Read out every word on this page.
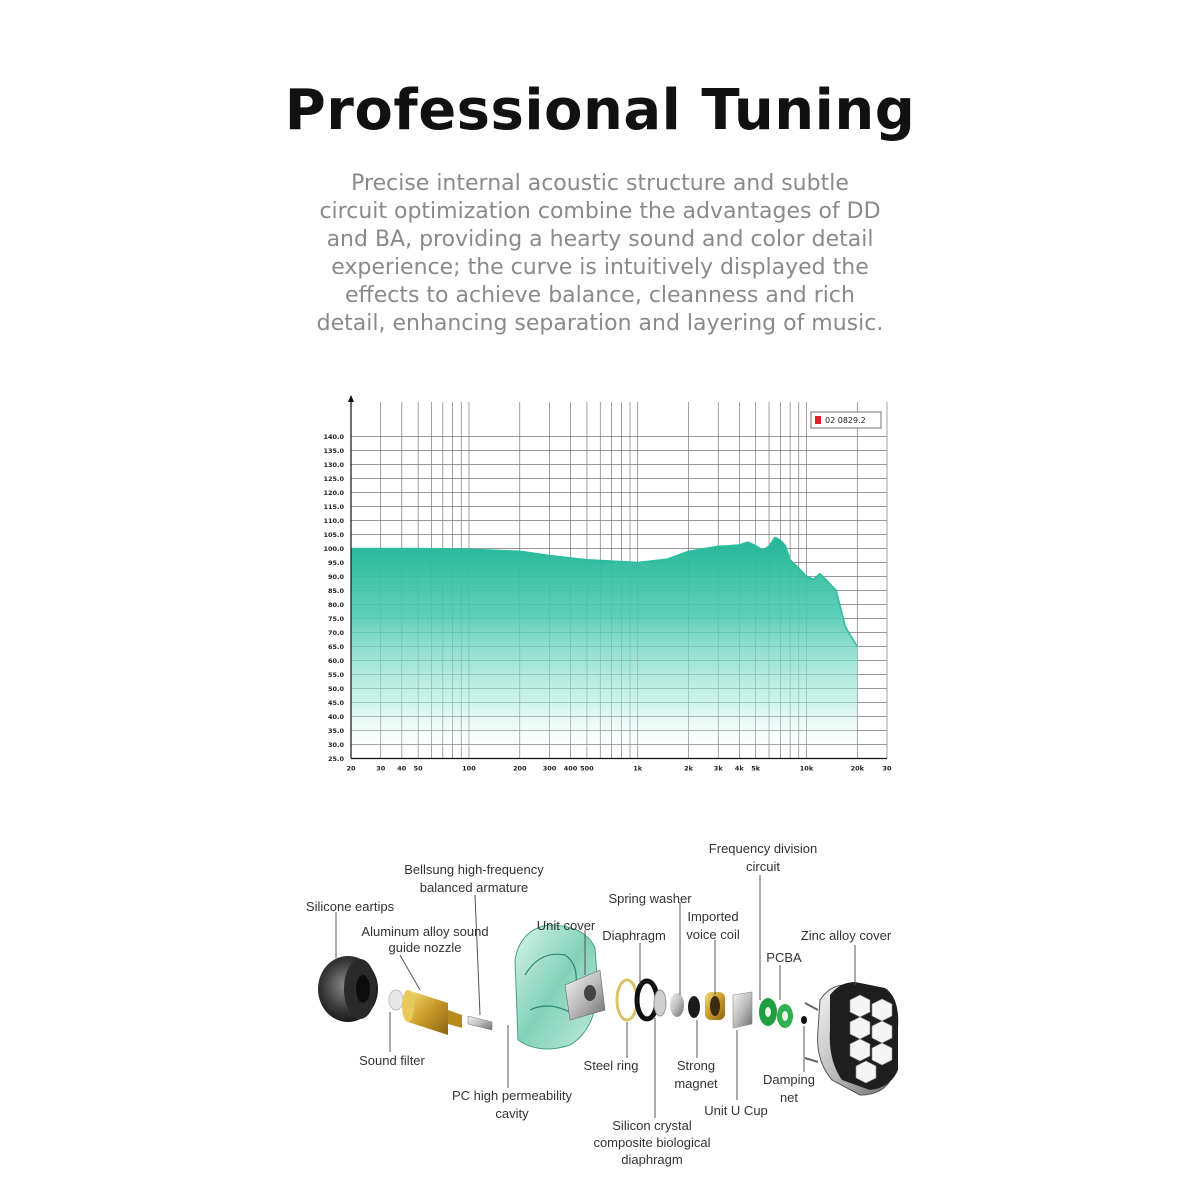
Professional Tuning

Precise internal acoustic structure and subtle
circuit optimization combine the advantages of DD
and BA, providing a hearty sound and color detail
experience; the curve is intuitively displayed the
effects to achieve balance, cleanness and rich
detail, enhancing separation and layering of music.

140.0
135.0
130.0
125.0
120.0
115.0
110.0
105.0
100.0
95.0
90.0
85.0
80.0
75.0
70.0
65.0
60.0
55.0
50.0
45.0
40.0
35.0
30.0
25.0
20	30 40 50	100	200 300 400 500	1k	2k	3k 4k 5k	10k	20k	30
02 0829.2
Silicone eartips
Bellsung high-frequency
balanced armature
Aluminum alloy sound
guide nozzle
Unit cover
Spring washer
Diaphragm
Imported
voice coil
Frequency division
circuit
PCBA
Zinc alloy cover
Sound filter
PC high permeability
cavity
Steel ring	Strong
magnet	Damping
net
Unit U Cup
Silicon crystal
composite biological
diaphragm
